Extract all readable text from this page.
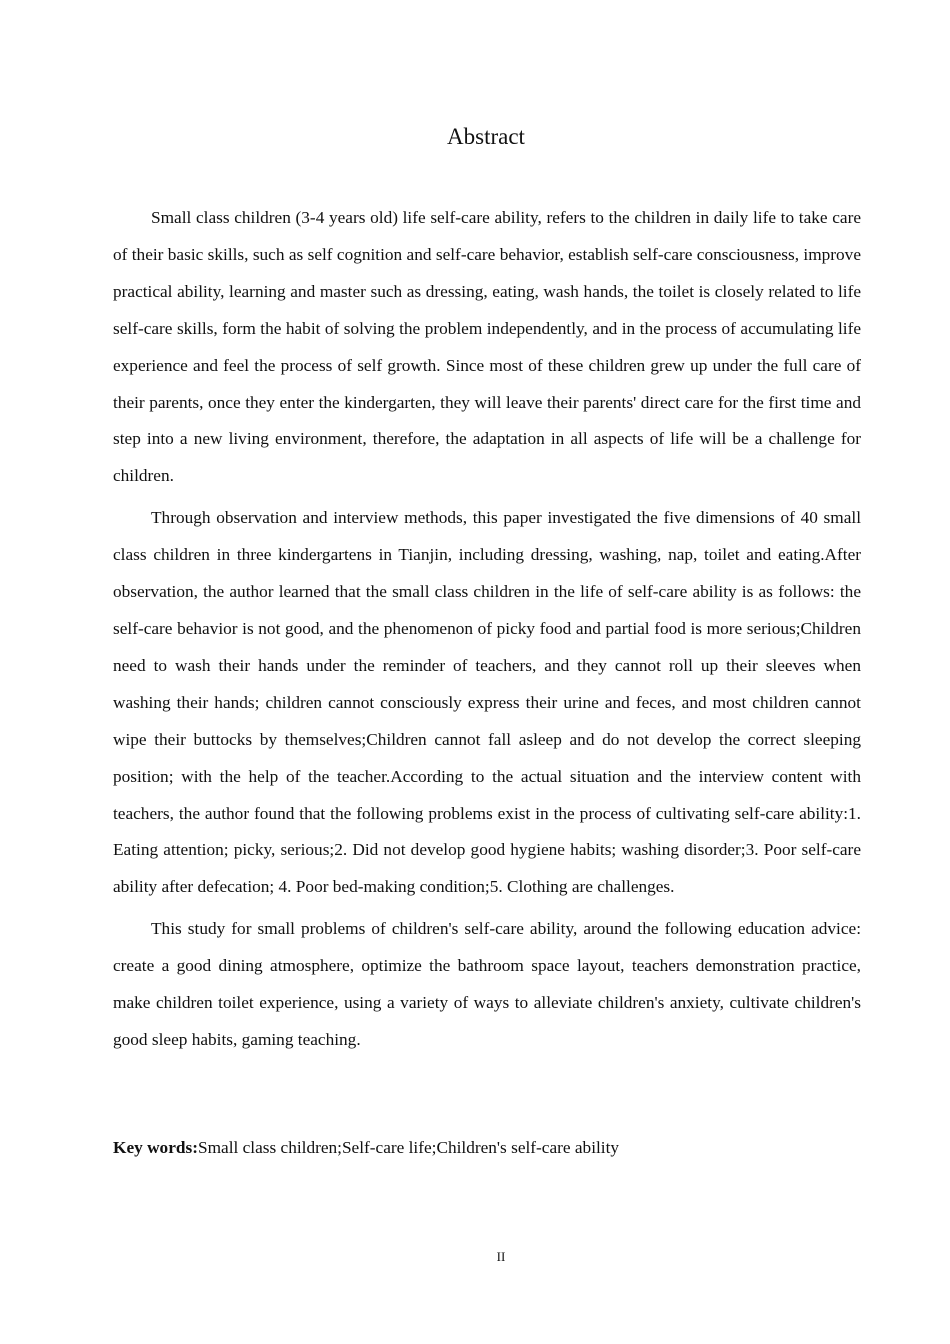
Abstract

Small class children (3-4 years old) life self-care ability, refers to the children in daily life to take care of their basic skills, such as self cognition and self-care behavior, establish self-care consciousness, improve practical ability, learning and master such as dressing, eating, wash hands, the toilet is closely related to life self-care skills, form the habit of solving the problem independently, and in the process of accumulating life experience and feel the process of self growth. Since most of these children grew up under the full care of their parents, once they enter the kindergarten, they will leave their parents' direct care for the first time and step into a new living environment, therefore, the adaptation in all aspects of life will be a challenge for children.

Through observation and interview methods, this paper investigated the five dimensions of 40 small class children in three kindergartens in Tianjin, including dressing, washing, nap, toilet and eating.After observation, the author learned that the small class children in the life of self-care ability is as follows: the self-care behavior is not good, and the phenomenon of picky food and partial food is more serious;Children need to wash their hands under the reminder of teachers, and they cannot roll up their sleeves when washing their hands; children cannot consciously express their urine and feces, and most children cannot wipe their buttocks by themselves;Children cannot fall asleep and do not develop the correct sleeping position; with the help of the teacher.According to the actual situation and the interview content with teachers, the author found that the following problems exist in the process of cultivating self-care ability:1. Eating attention; picky, serious;2. Did not develop good hygiene habits; washing disorder;3. Poor self-care ability after defecation; 4. Poor bed-making condition;5. Clothing are challenges.

This study for small problems of children's self-care ability, around the following education advice: create a good dining atmosphere, optimize the bathroom space layout, teachers demonstration practice, make children toilet experience, using a variety of ways to alleviate children's anxiety, cultivate children's good sleep habits, gaming teaching.

Key words:Small class children;Self-care life;Children's self-care ability

II
